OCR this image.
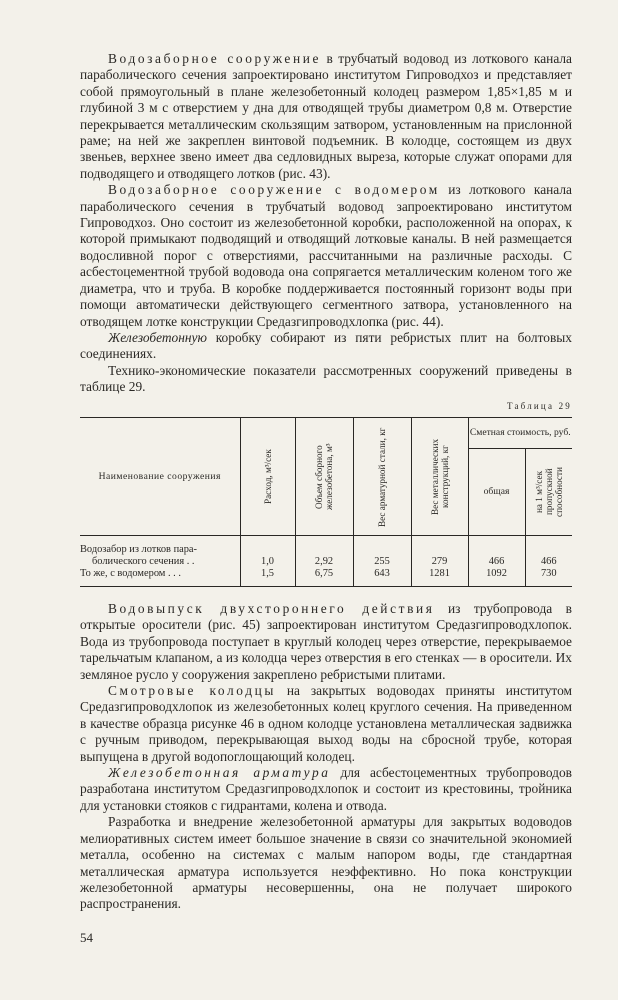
Водозаборное сооружение в трубчатый водовод из лоткового канала параболического сечения запроектировано институтом Гипроводхоз и представляет собой прямоугольный в плане железобетонный колодец размером 1,85×1,85 м и глубиной 3 м с отверстием у дна для отводящей трубы диаметром 0,8 м. Отверстие перекрывается металлическим скользящим затвором, установленным на прислонной раме; на ней же закреплен винтовой подъемник. В колодце, состоящем из двух звеньев, верхнее звено имеет два седловидных выреза, которые служат опорами для подводящего и отводящего лотков (рис. 43).

Водозаборное сооружение с водомером из лоткового канала параболического сечения в трубчатый водовод запроектировано институтом Гипроводхоз. Оно состоит из железобетонной коробки, расположенной на опорах, к которой примыкают подводящий и отводящий лотковые каналы. В ней размещается водосливной порог с отверстиями, рассчитанными на различные расходы. С асбестоцементной трубой водовода она сопрягается металлическим коленом того же диаметра, что и труба. В коробке поддерживается постоянный горизонт воды при помощи автоматически действующего сегментного затвора, установленного на отводящем лотке конструкции Средазгипроводхлопка (рис. 44).

Железобетонную коробку собирают из пяти ребристых плит на болтовых соединениях.

Технико-экономические показатели рассмотренных сооружений приведены в таблице 29.

Таблица 29
Наименование сооружения	Расход, м³/сек	Объем сборного железобетона, м³	Вес арматурной стали, кг	Вес металлических конструкций, кг	Сметная стоимость, руб.	
					общая	на 1 м³/сек пропускной способности

Водозабор из лотков пара-
болического сечения . .	1,0	2,92	255	279	466	466
То же, с водомером . . .	1,5	6,75	643	1281	1092	730

Водовыпуск двухстороннего действия из трубопровода в открытые оросители (рис. 45) запроектирован институтом Средазгипроводхлопок. Вода из трубопровода поступает в круглый колодец через отверстие, перекрываемое тарельчатым клапаном, а из колодца через отверстия в его стенках — в оросители. Их земляное русло у сооружения закреплено ребристыми плитами.

Смотровые колодцы на закрытых водоводах приняты институтом Средазгипроводхлопок из железобетонных колец круглого сечения. На приведенном в качестве образца рисунке 46 в одном колодце установлена металлическая задвижка с ручным приводом, перекрывающая выход воды на сбросной трубе, которая выпущена в другой водопоглощающий колодец.

Железобетонная арматура для асбестоцементных трубопроводов разработана институтом Средазгипроводхлопок и состоит из крестовины, тройника для установки стояков с гидрантами, колена и отвода.

Разработка и внедрение железобетонной арматуры для закрытых водоводов мелиоративных систем имеет большое значение в связи со значительной экономией металла, особенно на системах с малым напором воды, где стандартная металлическая арматура используется неэффективно. Но пока конструкции железобетонной арматуры несовершенны, она не получает широкого распространения.

54
